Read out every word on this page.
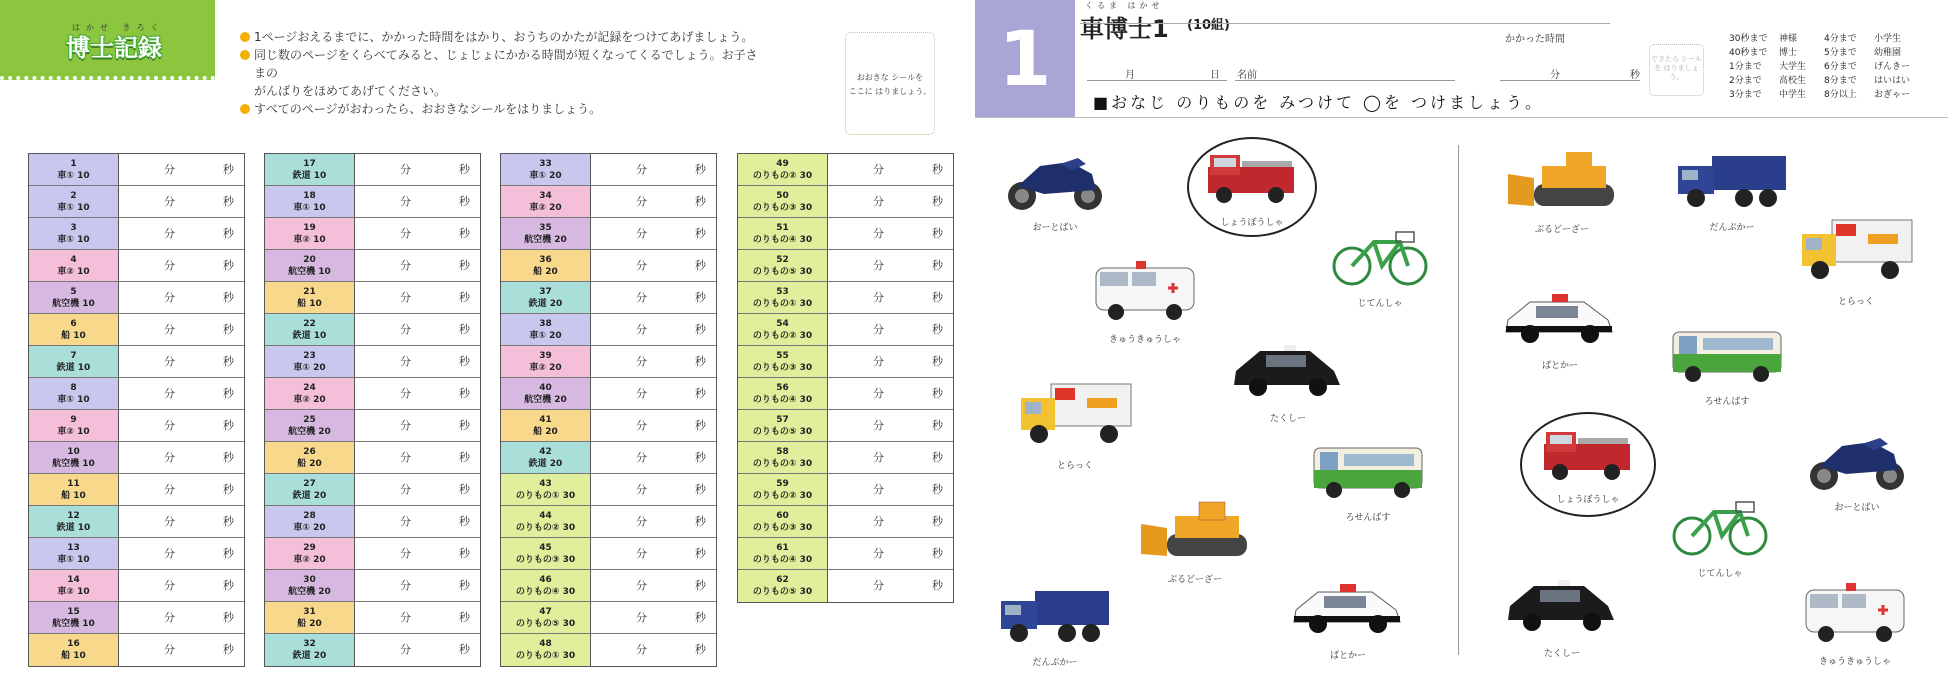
はかせ きろく
博士記録	1ページおえるまでに、かかった時間をはかり、おうちのかたが記録をつけてあげましょう。
同じ数のページをくらべてみると、じょじょにかかる時間が短くなってくるでしょう。お子さまの
がんばりをほめてあげてください。
すべてのページがおわったら、おおきなシールをはりましょう。
おおきな シールを
ここに はりましょう。
1
車① 10	分	秒
2
車① 10	分	秒
3
車① 10	分	秒
4
車② 10	分	秒
5
航空機 10	分	秒
6
船 10	分	秒
7
鉄道 10	分	秒
8
車① 10	分	秒
9
車② 10	分	秒
10
航空機 10	分	秒
11
船 10	分	秒
12
鉄道 10	分	秒
13
車① 10	分	秒
14
車② 10	分	秒
15
航空機 10	分	秒
16
船 10	分	秒
17
鉄道 10	分	秒
18
車① 10	分	秒
19
車② 10	分	秒
20
航空機 10	分	秒
21
船 10	分	秒
22
鉄道 10	分	秒
23
車① 20	分	秒
24
車② 20	分	秒
25
航空機 20	分	秒
26
船 20	分	秒
27
鉄道 20	分	秒
28
車① 20	分	秒
29
車② 20	分	秒
30
航空機 20	分	秒
31
船 20	分	秒
32
鉄道 20	分	秒
33
車① 20	分	秒
34
車② 20	分	秒
35
航空機 20	分	秒
36
船 20	分	秒
37
鉄道 20	分	秒
38
車① 20	分	秒
39
車② 20	分	秒
40
航空機 20	分	秒
41
船 20	分	秒
42
鉄道 20	分	秒
43
のりもの① 30	分	秒
44
のりもの② 30	分	秒
45
のりもの③ 30	分	秒
46
のりもの④ 30	分	秒
47
のりもの⑤ 30	分	秒
48
のりもの① 30	分	秒
49
のりもの② 30	分	秒
50
のりもの③ 30	分	秒
51
のりもの④ 30	分	秒
52
のりもの⑤ 30	分	秒
53
のりもの① 30	分	秒
54
のりもの② 30	分	秒
55
のりもの③ 30	分	秒
56
のりもの④ 30	分	秒
57
のりもの⑤ 30	分	秒
58
のりもの① 30	分	秒
59
のりもの② 30	分	秒
60
のりもの③ 30	分	秒
61
のりもの④ 30	分	秒
62
のりもの⑤ 30	分	秒
1
くるま はかせ
車博士1 (10組)
かかった時間
月	日 名前	分	秒
■おなじ のりものを みつけて ◯を つけましょう。
できたら シールを はりましょう。
30秒まで	神様	4分まで	小学生
40秒まで	博士	5分まで	幼稚園
1分まで	大学生	6分まで	げんきー
2分まで	高校生	8分まで	はいはい
3分まで	中学生	8分以上	おぎゃー
おーとばい	しょうぼうしゃ
じてんしゃ
きゅうきゅうしゃ
たくしー
とらっく
ろせんばす
ぶるどーざー
だんぷかー
ぱとかー
ぶるどーざー	だんぷかー
とらっく
ぱとかー
ろせんばす
しょうぼうしゃ
おーとばい
じてんしゃ
たくしー
きゅうきゅうしゃ
